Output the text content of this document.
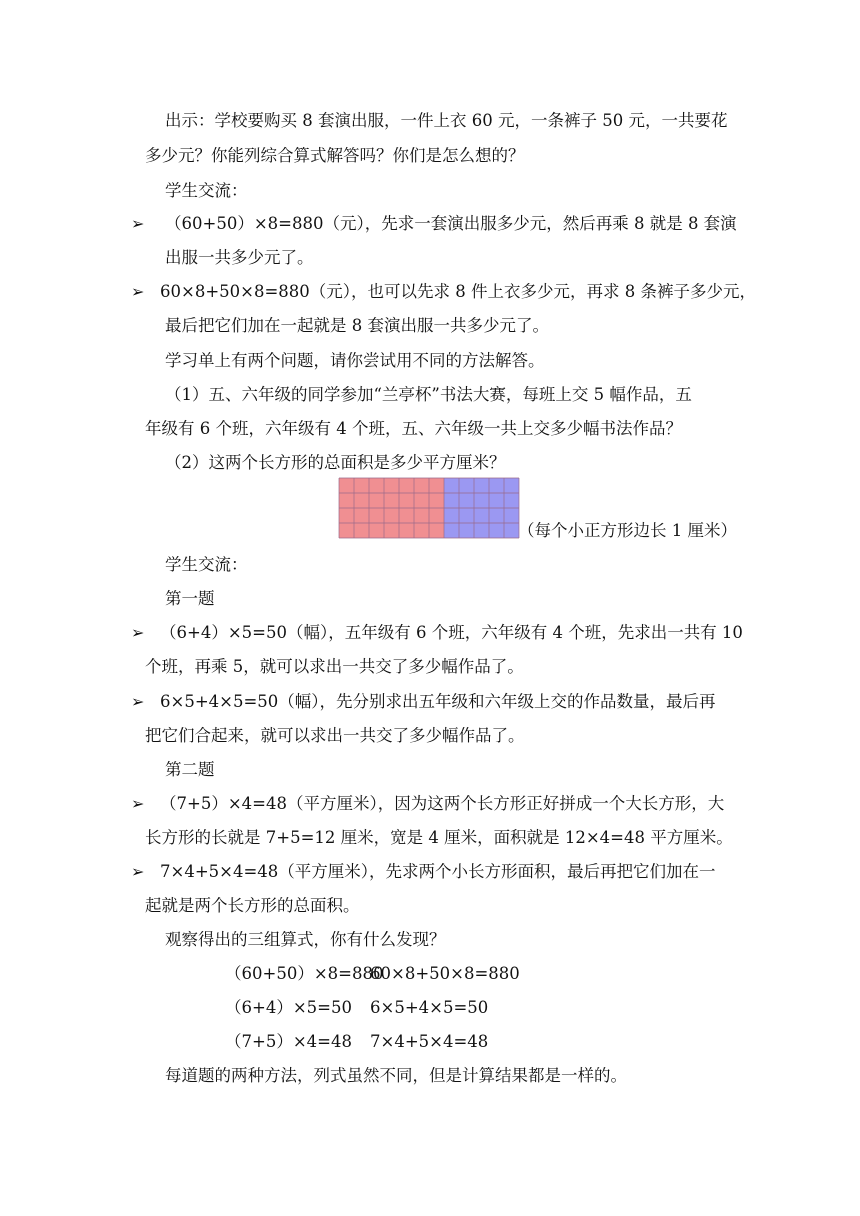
出示：学校要购买 8 套演出服，一件上衣 60 元，一条裤子 50 元，一共要花
多少元？你能列综合算式解答吗？你们是怎么想的？
学生交流：
➢ （60+50）×8=880（元），先求一套演出服多少元，然后再乘 8 就是 8 套演
出服一共多少元了。
➢ 60×8+50×8=880（元），也可以先求 8 件上衣多少元，再求 8 条裤子多少元，
最后把它们加在一起就是 8 套演出服一共多少元了。
学习单上有两个问题，请你尝试用不同的方法解答。
（1）五、六年级的同学参加“兰亭杯”书法大赛，每班上交 5 幅作品，五
年级有 6 个班，六年级有 4 个班，五、六年级一共上交多少幅书法作品？
（2）这两个长方形的总面积是多少平方厘米？
（每个小正方形边长 1 厘米）
学生交流：
第一题
➢ （6+4）×5=50（幅），五年级有 6 个班，六年级有 4 个班，先求出一共有 10
个班，再乘 5，就可以求出一共交了多少幅作品了。
➢ 6×5+4×5=50（幅），先分别求出五年级和六年级上交的作品数量，最后再
把它们合起来，就可以求出一共交了多少幅作品了。
第二题
➢ （7+5）×4=48（平方厘米），因为这两个长方形正好拼成一个大长方形，大
长方形的长就是 7+5=12 厘米，宽是 4 厘米，面积就是 12×4=48 平方厘米。
➢ 7×4+5×4=48（平方厘米），先求两个小长方形面积，最后再把它们加在一
起就是两个长方形的总面积。
观察得出的三组算式，你有什么发现？
（60+50）×8=880
60×8+50×8=880
（6+4）×5=50 6×5+4×5=50
（7+5）×4=48 7×4+5×4=48
每道题的两种方法，列式虽然不同，但是计算结果都是一样的。
